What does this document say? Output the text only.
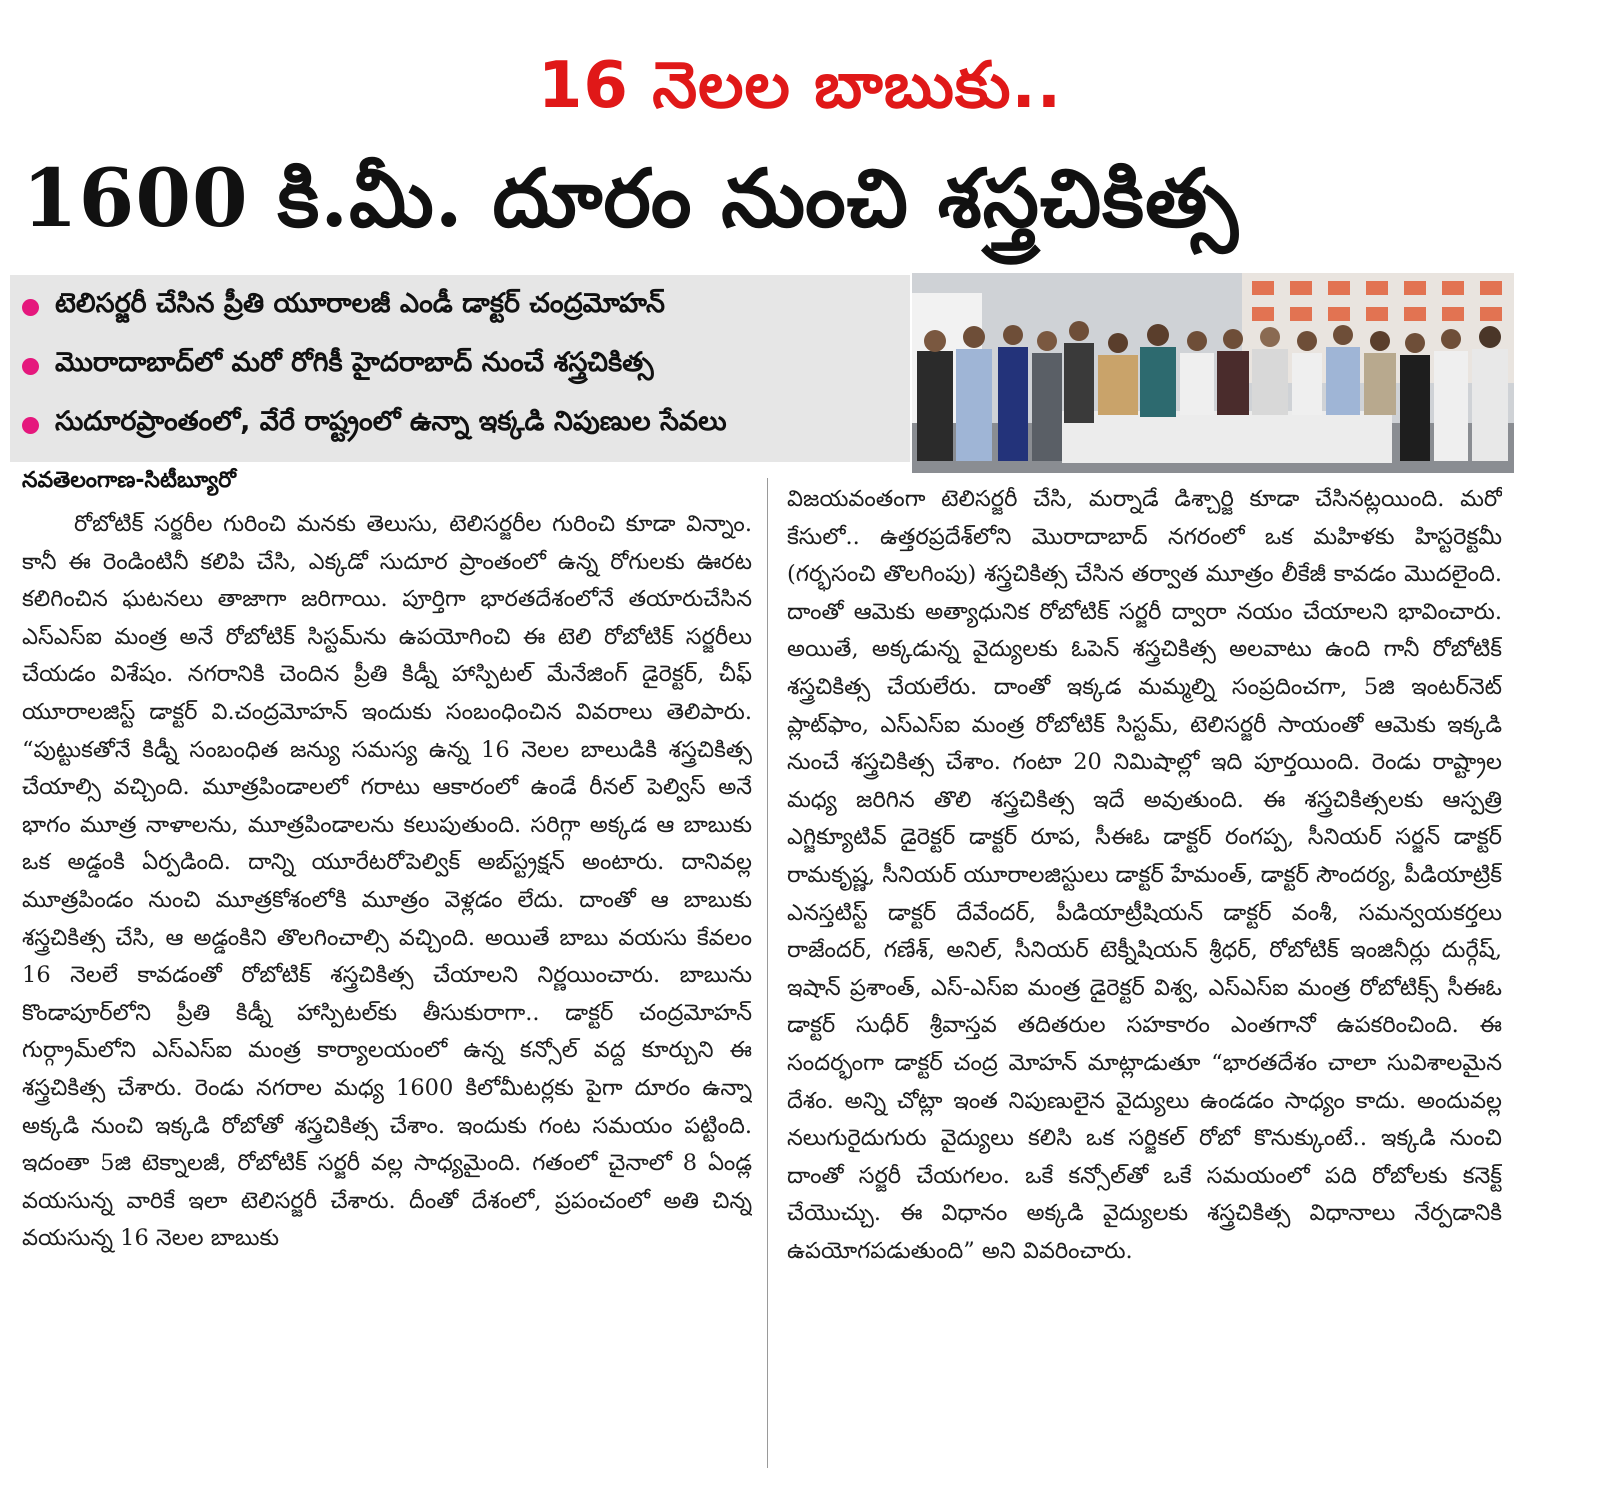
16 నెలల బాబుకు..
1600 కి.మీ. దూరం నుంచి శస్త్రచికిత్స
టెలిసర్జరీ చేసిన ప్రీతి యూరాలజీ ఎండీ డాక్టర్ చంద్రమోహన్
మొరాదాబాద్‌లో మరో రోగికీ హైదరాబాద్ నుంచే శస్త్రచికిత్స
సుదూరప్రాంతంలో, వేరే రాష్ట్రంలో ఉన్నా ఇక్కడి నిపుణుల సేవలు
నవతెలంగాణ-సిటీబ్యూరో
రోబోటిక్ సర్జరీల గురించి మనకు తెలుసు, టెలిసర్జరీల గురించి కూడా విన్నాం. కానీ ఈ రెండింటినీ కలిపి చేసి, ఎక్కడో సుదూర ప్రాంతంలో ఉన్న రోగులకు ఊరట కలిగించిన ఘటనలు తాజాగా జరిగాయి. పూర్తిగా భారతదేశంలోనే తయారుచేసిన ఎస్ఎస్ఐ మంత్ర అనే రోబోటిక్ సిస్టమ్‌ను ఉపయోగించి ఈ టెలి రోబోటిక్ సర్జరీలు చేయడం విశేషం. నగరానికి చెందిన ప్రీతి కిడ్నీ హాస్పిటల్ మేనేజింగ్ డైరెక్టర్, చీఫ్ యూరాలజిస్ట్ డాక్టర్ వి.చంద్రమోహన్ ఇందుకు సంబంధించిన వివరాలు తెలిపారు. “పుట్టుకతోనే కిడ్నీ సంబంధిత జన్యు సమస్య ఉన్న 16 నెలల బాలుడికి శస్త్రచికిత్స చేయాల్సి వచ్చింది. మూత్రపిండాలలో గరాటు ఆకారంలో ఉండే రీనల్ పెల్విస్ అనే భాగం మూత్ర నాళాలను, మూత్రపిండాలను కలుపుతుంది. సరిగ్గా అక్కడ ఆ బాబుకు ఒక అడ్డంకి ఏర్పడింది. దాన్ని యూరేటరోపెల్విక్ అబ్‌స్ట్రక్షన్ అంటారు. దానివల్ల మూత్రపిండం నుంచి మూత్రకోశంలోకి మూత్రం వెళ్లడం లేదు. దాంతో ఆ బాబుకు శస్త్రచికిత్స చేసి, ఆ అడ్డంకిని తొలగించాల్సి వచ్చింది. అయితే బాబు వయసు కేవలం 16 నెలలే కావడంతో రోబోటిక్ శస్త్రచికిత్స చేయాలని నిర్ణయించారు. బాబును కొండాపూర్‌లోని ప్రీతి కిడ్నీ హాస్పిటల్‌కు తీసుకురాగా.. డాక్టర్ చంద్రమోహన్ గుర్గ్రామ్‌లోని ఎస్ఎస్ఐ మంత్ర కార్యాలయంలో ఉన్న కన్సోల్ వద్ద కూర్చుని ఈ శస్త్రచికిత్స చేశారు. రెండు నగరాల మధ్య 1600 కిలోమీటర్లకు పైగా దూరం ఉన్నా అక్కడి నుంచి ఇక్కడి రోబోతో శస్త్రచికిత్స చేశాం. ఇందుకు గంట సమయం పట్టింది. ఇదంతా 5జి టెక్నాలజీ, రోబోటిక్ సర్జరీ వల్ల సాధ్యమైంది. గతంలో చైనాలో 8 ఏండ్ల వయసున్న వారికే ఇలా టెలిసర్జరీ చేశారు. దీంతో దేశంలో, ప్రపంచంలో అతి చిన్న వయసున్న 16 నెలల బాబుకు
విజయవంతంగా టెలిసర్జరీ చేసి, మర్నాడే డిశ్చార్జి కూడా చేసినట్లయింది. మరో కేసులో.. ఉత్తరప్రదేశ్‌లోని మొరాదాబాద్ నగరంలో ఒక మహిళకు హిస్టరెక్టమీ (గర్భసంచి తొలగింపు) శస్త్రచికిత్స చేసిన తర్వాత మూత్రం లీకేజీ కావడం మొదలైంది. దాంతో ఆమెకు అత్యాధునిక రోబోటిక్ సర్జరీ ద్వారా నయం చేయాలని భావించారు. అయితే, అక్కడున్న వైద్యులకు ఓపెన్ శస్త్రచికిత్స అలవాటు ఉంది గానీ రోబోటిక్ శస్త్రచికిత్స చేయలేరు. దాంతో ఇక్కడ మమ్మల్ని సంప్రదించగా, 5జి ఇంటర్‌నెట్ ప్లాట్‌ఫాం, ఎస్ఎస్ఐ మంత్ర రోబోటిక్ సిస్టమ్, టెలిసర్జరీ సాయంతో ఆమెకు ఇక్కడి నుంచే శస్త్రచికిత్స చేశాం. గంటా 20 నిమిషాల్లో ఇది పూర్తయింది. రెండు రాష్ట్రాల మధ్య జరిగిన తొలి శస్త్రచికిత్స ఇదే అవుతుంది. ఈ శస్త్రచికిత్సలకు ఆస్పత్రి ఎగ్జిక్యూటివ్ డైరెక్టర్ డాక్టర్ రూప, సీఈఓ డాక్టర్ రంగప్ప, సీనియర్ సర్జన్ డాక్టర్ రామకృష్ణ, సీనియర్ యూరాలజిస్టులు డాక్టర్ హేమంత్, డాక్టర్ సౌందర్య, పీడియాట్రిక్ ఎనస్తటిస్ట్ డాక్టర్ దేవేందర్, పీడియాట్రీషియన్ డాక్టర్ వంశీ, సమన్వయకర్తలు రాజేందర్, గణేశ్, అనిల్, సీనియర్ టెక్నీషియన్ శ్రీధర్, రోబోటిక్ ఇంజినీర్లు దుర్గేష్, ఇషాన్ ప్రశాంత్, ఎస్-ఎస్ఐ మంత్ర డైరెక్టర్ విశ్వ, ఎస్ఎస్ఐ మంత్ర రోబోటిక్స్ సీఈఓ డాక్టర్ సుధీర్ శ్రీవాస్తవ తదితరుల సహకారం ఎంతగానో ఉపకరించింది. ఈ సందర్భంగా డాక్టర్ చంద్ర మోహన్ మాట్లాడుతూ “భారతదేశం చాలా సువిశాలమైన దేశం. అన్ని చోట్లా ఇంత నిపుణులైన వైద్యులు ఉండడం సాధ్యం కాదు. అందువల్ల నలుగురైదుగురు వైద్యులు కలిసి ఒక సర్జికల్ రోబో కొనుక్కుంటే.. ఇక్కడి నుంచి దాంతో సర్జరీ చేయగలం. ఒకే కన్సోల్‌తో ఒకే సమయంలో పది రోబోలకు కనెక్ట్ చేయొచ్చు. ఈ విధానం అక్కడి వైద్యులకు శస్త్రచికిత్స విధానాలు నేర్పడానికి ఉపయోగపడుతుంది” అని వివరించారు.
